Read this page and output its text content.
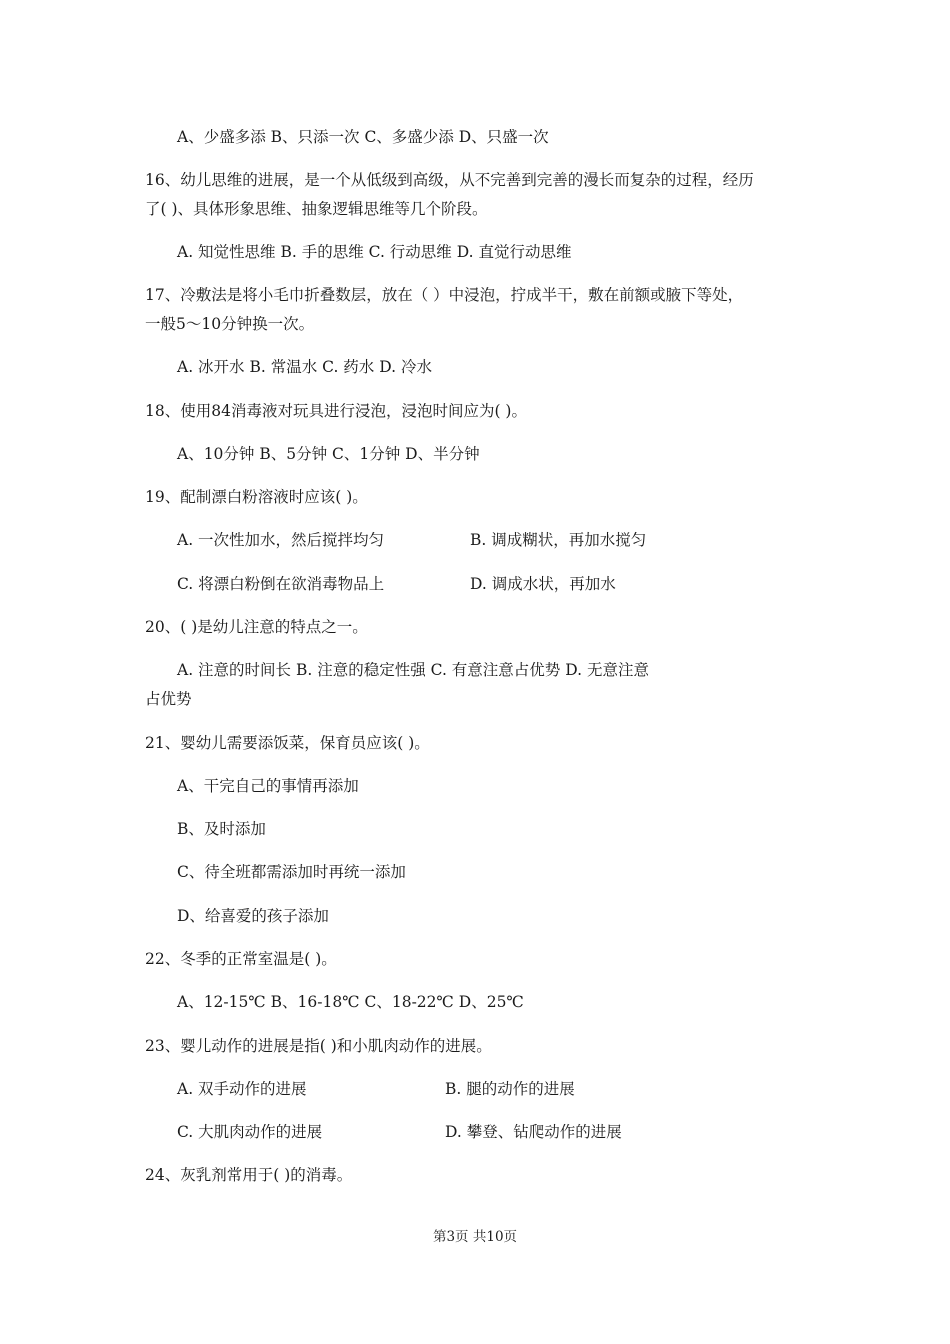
A、少盛多添 B、只添一次 C、多盛少添 D、只盛一次
16、幼儿思维的进展，是一个从低级到高级，从不完善到完善的漫长而复杂的过程，经历
了( )、具体形象思维、抽象逻辑思维等几个阶段。
A. 知觉性思维 B. 手的思维 C. 行动思维 D. 直觉行动思维
17、冷敷法是将小毛巾折叠数层，放在（ ）中浸泡，拧成半干，敷在前额或腋下等处，
一般5～10分钟换一次。
A. 冰开水 B. 常温水 C. 药水 D. 冷水
18、使用84消毒液对玩具进行浸泡，浸泡时间应为( )。
A、10分钟 B、5分钟 C、1分钟 D、半分钟
19、配制漂白粉溶液时应该( )。
A. 一次性加水，然后搅拌均匀	B. 调成糊状，再加水搅匀
C. 将漂白粉倒在欲消毒物品上	D. 调成水状，再加水
20、( )是幼儿注意的特点之一。
A. 注意的时间长 B. 注意的稳定性强 C. 有意注意占优势 D. 无意注意
占优势
21、婴幼儿需要添饭菜，保育员应该( )。
A、干完自己的事情再添加
B、及时添加
C、待全班都需添加时再统一添加
D、给喜爱的孩子添加
22、冬季的正常室温是( )。
A、12-15℃ B、16-18℃ C、18-22℃ D、25℃
23、婴儿动作的进展是指( )和小肌肉动作的进展。
A. 双手动作的进展	B. 腿的动作的进展
C. 大肌肉动作的进展	D. 攀登、钻爬动作的进展
24、灰乳剂常用于( )的消毒。
第3页 共10页
